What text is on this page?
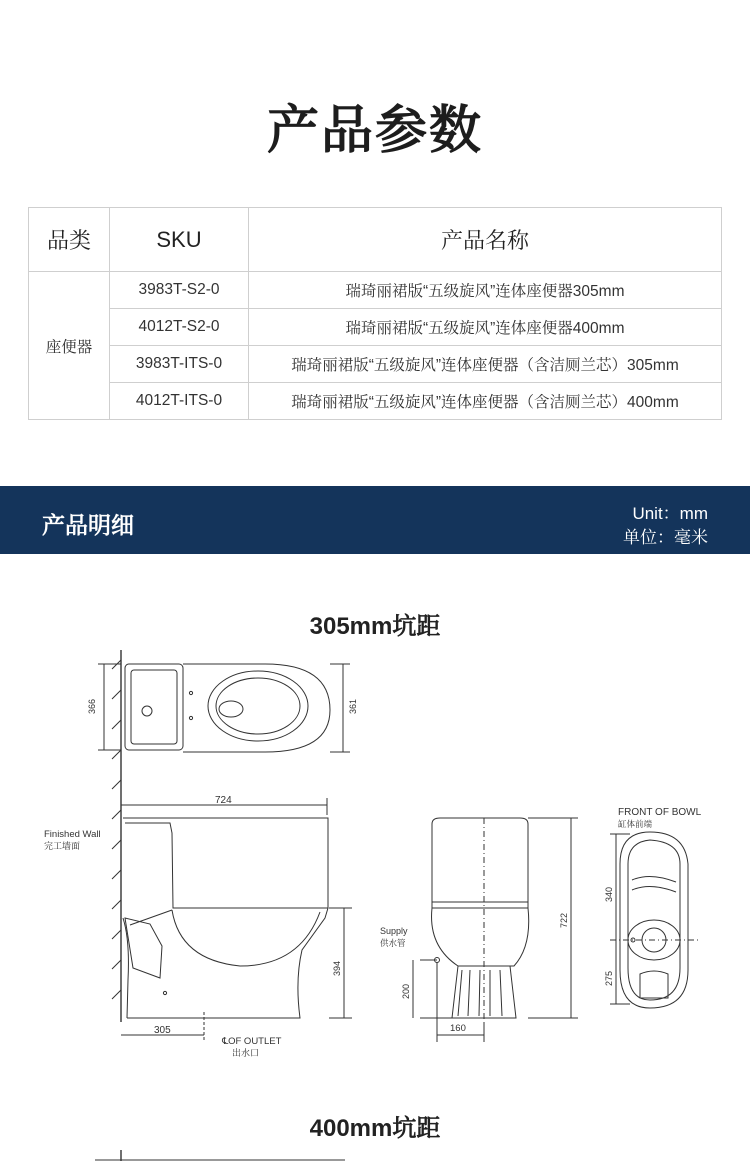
产品参数
品类	SKU	产品名称
座便器	3983T-S2-0	瑞琦丽裙版“五级旋风”连体座便器305mm
	4012T-S2-0	瑞琦丽裙版“五级旋风”连体座便器400mm
	3983T-ITS-0	瑞琦丽裙版“五级旋风”连体座便器（含洁厕兰芯）305mm
	4012T-ITS-0	瑞琦丽裙版“五级旋风”连体座便器（含洁厕兰芯）400mm
产品明细	Unit：mm
单位：毫米
305mm坑距
366	361
724
305
394
Finished Wall
完工墙面
℄OF OUTLET
出水口
200
722
160
Supply
供水管
340
275
FRONT OF BOWL
缸体前端
400mm坑距
